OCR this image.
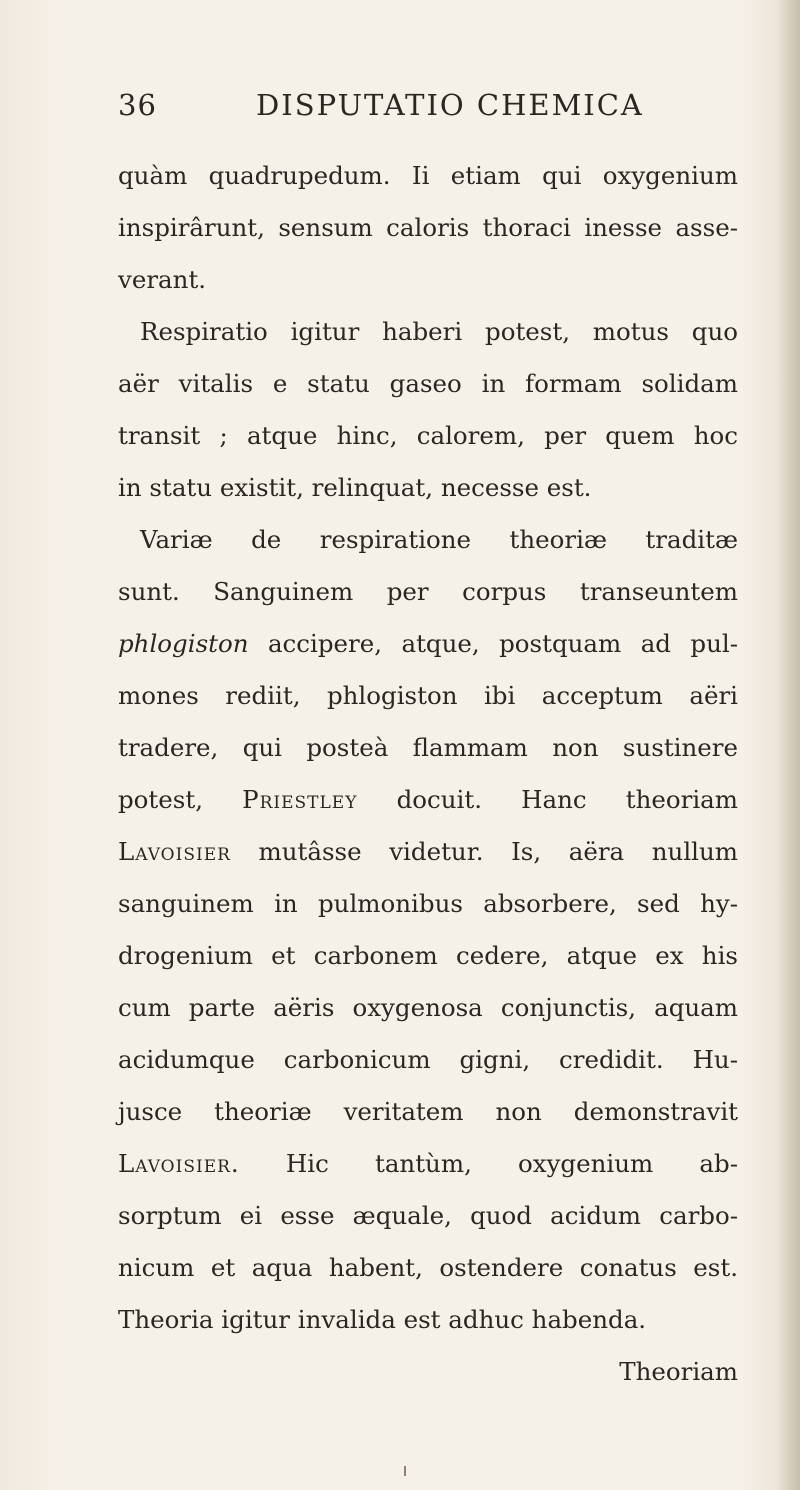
36	DISPUTATIO CHEMICA
quàm quadrupedum. Ii etiam qui oxygenium
inspirârunt, sensum caloris thoraci inesse asse-
verant.
Respiratio igitur haberi potest, motus quo
aër vitalis e statu gaseo in formam solidam
transit ; atque hinc, calorem, per quem hoc
in statu existit, relinquat, necesse est.
Variæ de respiratione theoriæ traditæ
sunt. Sanguinem per corpus transeuntem
phlogiston accipere, atque, postquam ad pul-
mones rediit, phlogiston ibi acceptum aëri
tradere, qui posteà flammam non sustinere
potest, Priestley docuit. Hanc theoriam
Lavoisier mutâsse videtur. Is, aëra nullum
sanguinem in pulmonibus absorbere, sed hy-
drogenium et carbonem cedere, atque ex his
cum parte aëris oxygenosa conjunctis, aquam
acidumque carbonicum gigni, credidit. Hu-
jusce theoriæ veritatem non demonstravit
Lavoisier. Hic tantùm, oxygenium ab-
sorptum ei esse æquale, quod acidum carbo-
nicum et aqua habent, ostendere conatus est.
Theoria igitur invalida est adhuc habenda.
Theoriam
